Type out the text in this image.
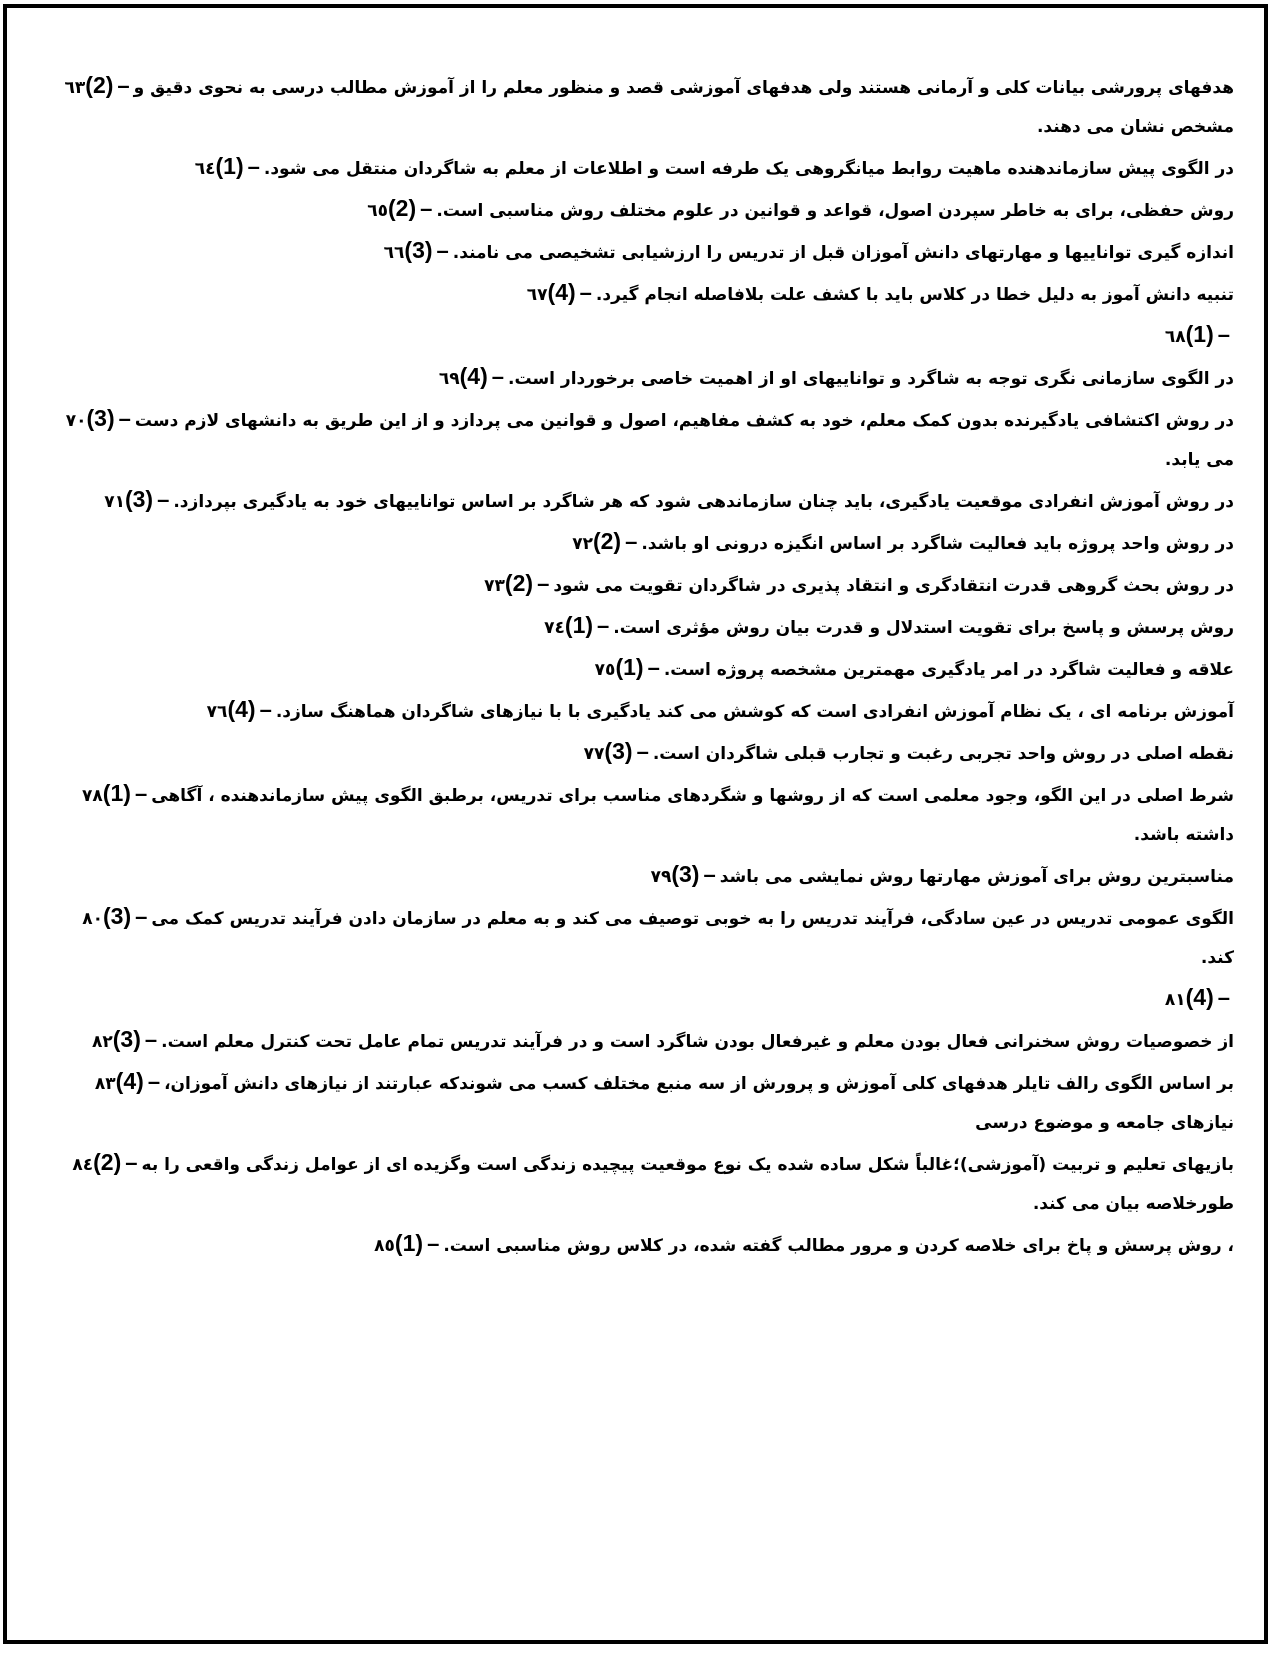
٦٣(2) – هدفهای پرورشی بیانات کلی و آرمانی هستند ولی هدفهای آموزشی قصد و منظور معلم را از آموزش مطالب درسی به نحوی دقیق و مشخص نشان می دهند.

٦٤(1) – در الگوی پیش سازماندهنده ماهیت روابط میانگروهی یک طرفه است و اطلاعات از معلم به شاگردان منتقل می شود.

٦٥(2) – روش حفظی، برای به خاطر سپردن اصول، قواعد و قوانین در علوم مختلف روش مناسبی است.

٦٦(3) – اندازه گیری تواناییها و مهارتهای دانش آموزان قبل از تدریس را ارزشیابی تشخیصی می نامند.

٦٧(4) – تنبیه دانش آموز به دلیل خطا در کلاس باید با کشف علت بلافاصله انجام گیرد.

٦٨(1) –

٦٩(4) – در الگوی سازمانی نگری توجه به شاگرد و تواناییهای او از اهمیت خاصی برخوردار است.

٧٠(3) – در روش اکتشافی یادگیرنده بدون کمک معلم، خود به کشف مفاهیم، اصول و قوانین می پردازد و از این طریق به دانشهای لازم دست می یابد.

٧١(3) – در روش آموزش انفرادی موقعیت یادگیری، باید چنان سازماندهی شود که هر شاگرد بر اساس تواناییهای خود به یادگیری بپردازد.

٧٢(2) – در روش واحد پروژه باید فعالیت شاگرد بر اساس انگیزه درونی او باشد.

٧٣(2) – در روش بحث گروهی قدرت انتقادگری و انتقاد پذیری در شاگردان تقویت می شود

٧٤(1) – روش پرسش و پاسخ برای تقویت استدلال و قدرت بیان روش مؤثری است.

٧٥(1) – علاقه و فعالیت شاگرد در امر یادگیری مهمترین مشخصه پروژه است.

٧٦(4) – آموزش برنامه ای ، یک نظام آموزش انفرادی است که کوشش می کند یادگیری با با نیازهای شاگردان هماهنگ سازد.

٧٧(3) – نقطه اصلی در روش واحد تجربی رغبت و تجارب قبلی شاگردان است.

٧٨(1) – شرط اصلی در این الگو، وجود معلمی است که از روشها و شگردهای مناسب برای تدریس، برطبق الگوی پیش سازماندهنده ، آگاهی داشته باشد.

٧٩(3) – مناسبترین روش برای آموزش مهارتها روش نمایشی می باشد

٨٠(3) – الگوی عمومی تدریس در عین سادگی، فرآیند تدریس را به خوبی توصیف می کند و به معلم در سازمان دادن فرآیند تدریس کمک می کند.

٨١(4) –

٨٢(3) – از خصوصیات روش سخنرانی فعال بودن معلم و غیرفعال بودن شاگرد است و در فرآیند تدریس تمام عامل تحت کنترل معلم است.

٨٣(4) – بر اساس الگوی رالف تایلر هدفهای کلی آموزش و پرورش از سه منبع مختلف کسب می شوندکه عبارتند از نیازهای دانش آموزان، نیازهای جامعه و موضوع درسی

٨٤(2) – بازیهای تعلیم و تربیت (آموزشی)؛غالباً شکل ساده شده یک نوع موقعیت پیچیده زندگی است وگزیده ای از عوامل زندگی واقعی را به طورخلاصه بیان می کند.

٨٥(1) – ، روش پرسش و پاخ برای خلاصه کردن و مرور مطالب گفته شده، در کلاس روش مناسبی است.
